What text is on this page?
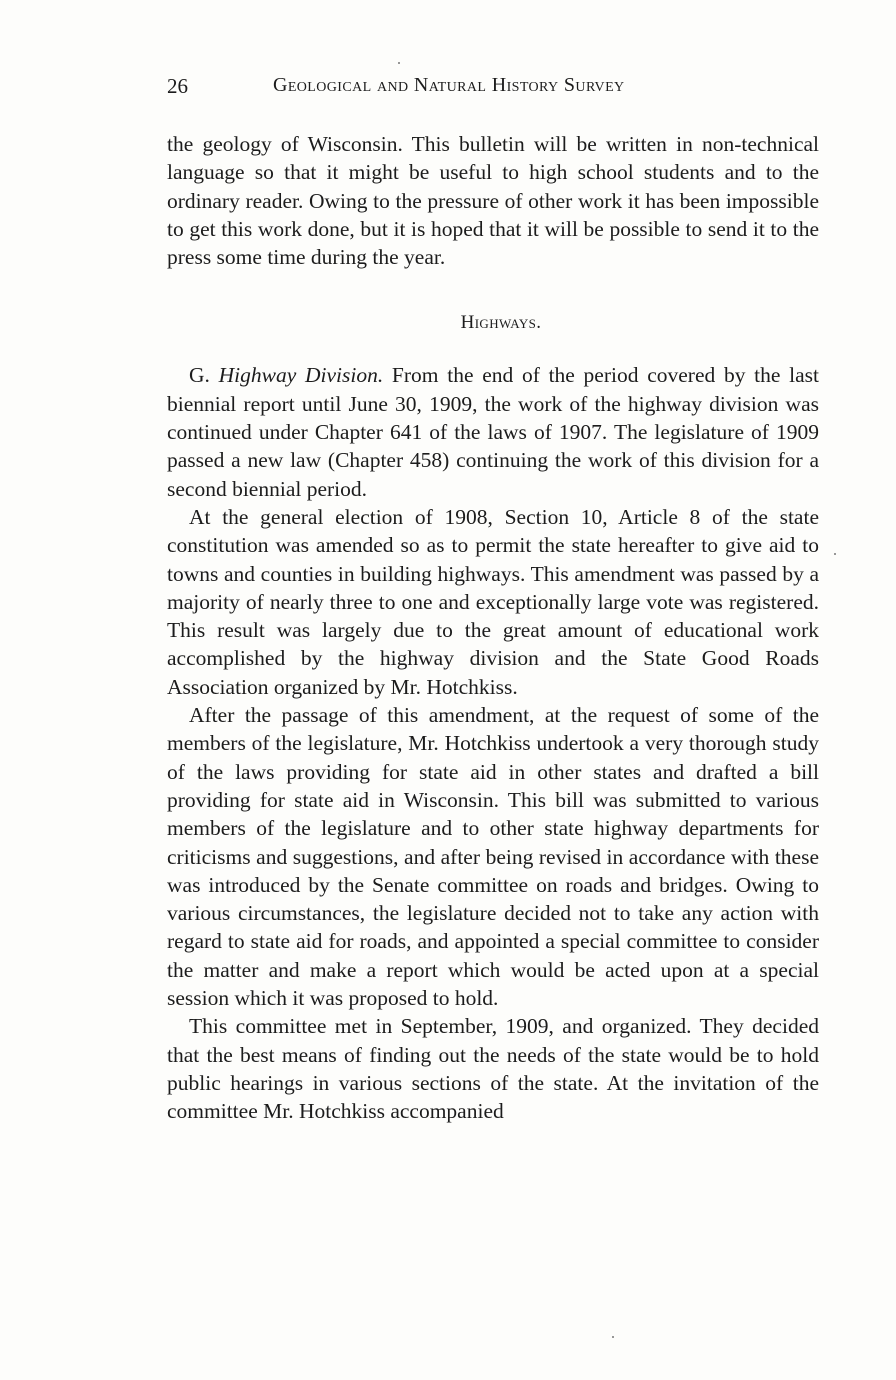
26	Geological and Natural History Survey

the geology of Wisconsin. This bulletin will be written in non-technical language so that it might be useful to high school students and to the ordinary reader. Owing to the pressure of other work it has been impossible to get this work done, but it is hoped that it will be possible to send it to the press some time during the year.

Highways.

G. Highway Division. From the end of the period covered by the last biennial report until June 30, 1909, the work of the highway division was continued under Chapter 641 of the laws of 1907. The legislature of 1909 passed a new law (Chapter 458) continuing the work of this division for a second biennial period.

At the general election of 1908, Section 10, Article 8 of the state constitution was amended so as to permit the state hereafter to give aid to towns and counties in building highways. This amendment was passed by a majority of nearly three to one and exceptionally large vote was registered. This result was largely due to the great amount of educational work accomplished by the highway division and the State Good Roads Association organized by Mr. Hotchkiss.

After the passage of this amendment, at the request of some of the members of the legislature, Mr. Hotchkiss undertook a very thorough study of the laws providing for state aid in other states and drafted a bill providing for state aid in Wisconsin. This bill was submitted to various members of the legislature and to other state highway departments for criticisms and suggestions, and after being revised in accordance with these was introduced by the Senate committee on roads and bridges. Owing to various circumstances, the legislature decided not to take any action with regard to state aid for roads, and appointed a special committee to consider the matter and make a report which would be acted upon at a special session which it was proposed to hold.

This committee met in September, 1909, and organized. They decided that the best means of finding out the needs of the state would be to hold public hearings in various sections of the state. At the invitation of the committee Mr. Hotchkiss accompanied
